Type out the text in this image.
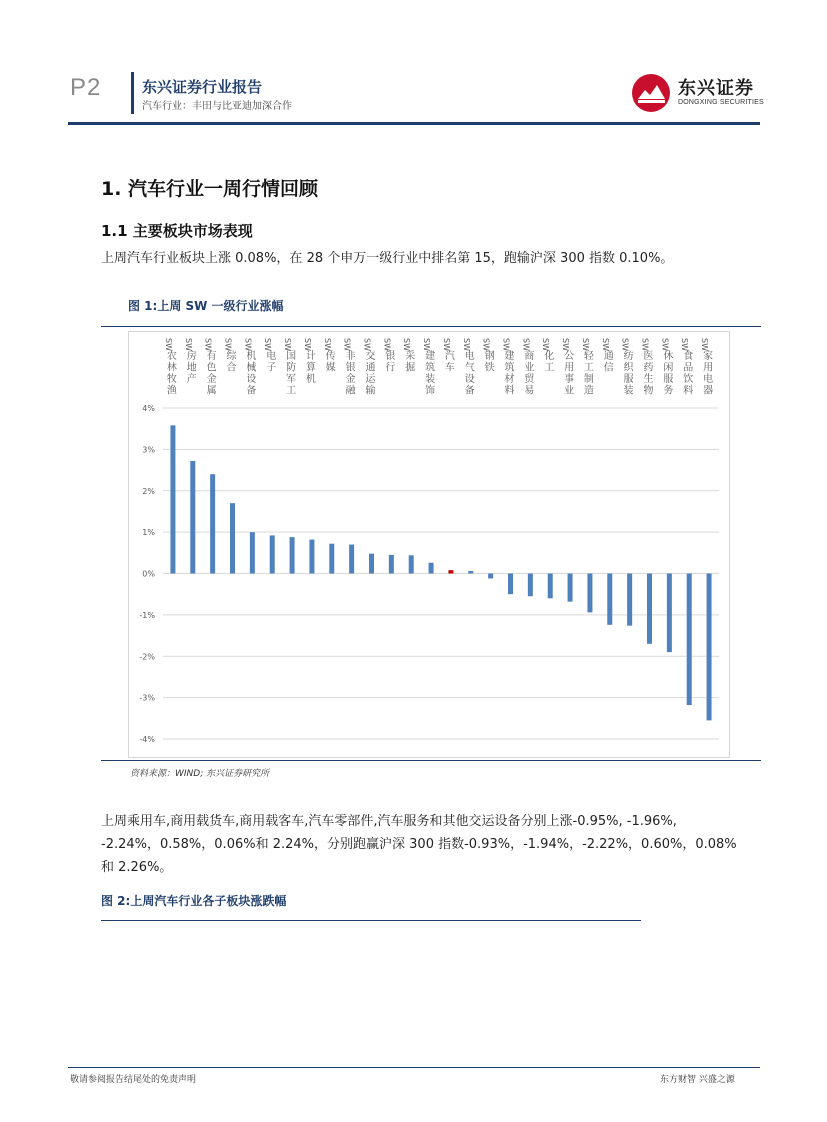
P2	东兴证券行业报告
汽车行业：丰田与比亚迪加深合作
东兴证券
DONGXING SECURITIES
1. 汽车行业一周行情回顾
1.1 主要板块市场表现
上周汽车行业板块上涨 0.08%，在 28 个申万一级行业中排名第 15，跑输沪深 300 指数 0.10%。
图 1:上周 SW 一级行业涨幅
-4%
-3%
-2%
-1%
0%
1%
2%
3%
4%
SW
农林牧渔
SW
房地产
SW
有色金属
SW
综合
SW
机械设备
SW
电子
SW
国防军工
SW
计算机
SW
传媒
SW
非银金融
SW
交通运输
SW
银行
SW
采掘
SW
建筑装饰
SW
汽车
SW
电气设备
SW
钢铁
SW
建筑材料
SW
商业贸易
SW
化工
SW
公用事业
SW
轻工制造
SW
通信
SW
纺织服装
SW
医药生物
SW
休闲服务
SW
食品饮料
SW
家用电器
资料来源：WIND; 东兴证券研究所
上周乘用车,商用载货车,商用载客车,汽车零部件,汽车服务和其他交运设备分别上涨-0.95%, -1.96%,
-2.24%，0.58%，0.06%和 2.24%，分别跑赢沪深 300 指数-0.93%，-1.94%，-2.22%，0.60%，0.08%
和 2.26%。
图 2:上周汽车行业各子板块涨跌幅
敬请参阅报告结尾处的免责声明	东方财智 兴盛之源
